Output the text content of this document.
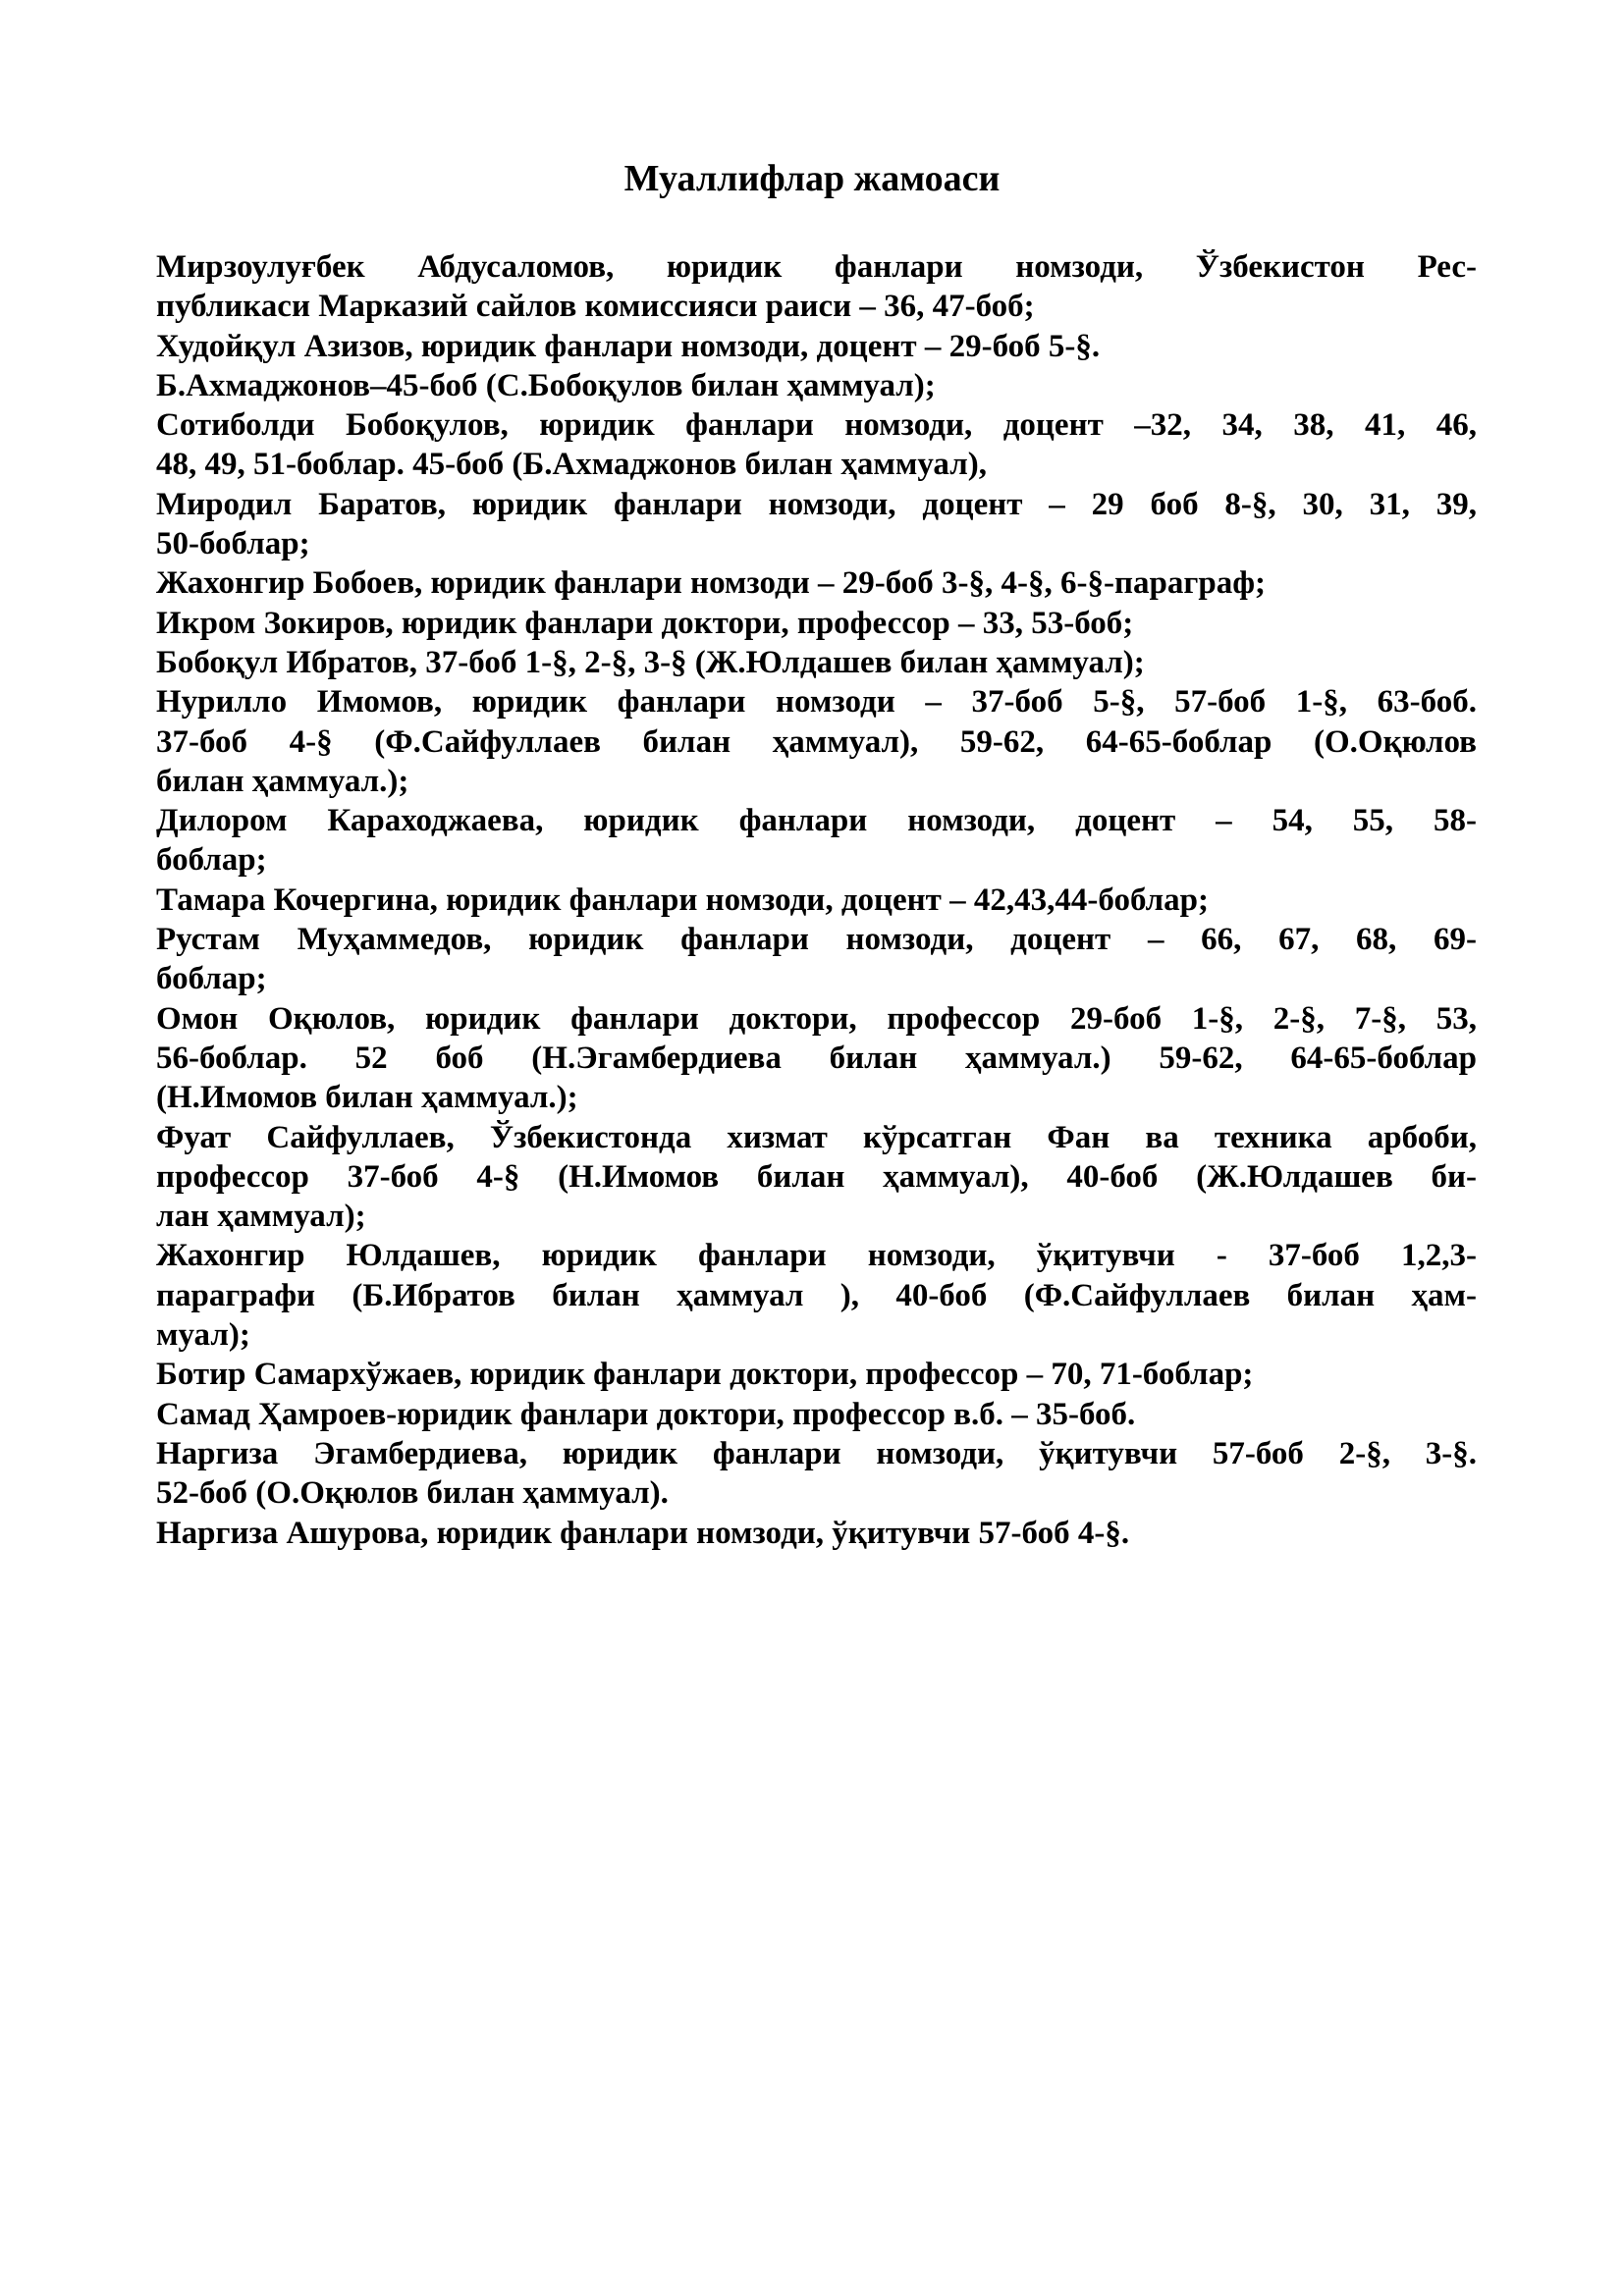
Муаллифлар жамоаси
Мирзоулуғбек Абдусаломов, юридик фанлари номзоди, Ўзбекистон Рес-
публикаси Марказий сайлов комиссияси раиси – 36, 47-боб;
Худойқул Азизов, юридик фанлари номзоди, доцент – 29-боб 5-§.
Б.Ахмаджонов–45-боб (С.Бобоқулов билан ҳаммуал);
Сотиболди Бобоқулов, юридик фанлари номзоди, доцент –32, 34, 38, 41, 46,
48, 49, 51-боблар. 45-боб (Б.Ахмаджонов билан ҳаммуал),
Миродил Баратов, юридик фанлари номзоди, доцент – 29 боб 8-§, 30, 31, 39,
50-боблар;
Жахонгир Бобоев, юридик фанлари номзоди – 29-боб 3-§, 4-§, 6-§-параграф;
Икром Зокиров, юридик фанлари доктори, профессор – 33, 53-боб;
Бобоқул Ибратов, 37-боб 1-§, 2-§, 3-§ (Ж.Юлдашев билан ҳаммуал);
Нурилло Имомов, юридик фанлари номзоди – 37-боб 5-§, 57-боб 1-§, 63-боб.
37-боб 4-§ (Ф.Сайфуллаев билан ҳаммуал), 59-62, 64-65-боблар (О.Оқюлов
билан ҳаммуал.);
Дилором Караходжаева, юридик фанлари номзоди, доцент – 54, 55, 58-
боблар;
Тамара Кочергина, юридик фанлари номзоди, доцент – 42,43,44-боблар;
Рустам Муҳаммедов, юридик фанлари номзоди, доцент – 66, 67, 68, 69-
боблар;
Омон Оқюлов, юридик фанлари доктори, профессор 29-боб 1-§, 2-§, 7-§, 53,
56-боблар. 52 боб (Н.Эгамбердиева билан ҳаммуал.) 59-62, 64-65-боблар
(Н.Имомов билан ҳаммуал.);
Фуат Сайфуллаев, Ўзбекистонда хизмат кўрсатган Фан ва техника арбоби,
профессор 37-боб 4-§ (Н.Имомов билан ҳаммуал), 40-боб (Ж.Юлдашев би-
лан ҳаммуал);
Жахонгир Юлдашев, юридик фанлари номзоди, ўқитувчи - 37-боб 1,2,3-
параграфи (Б.Ибратов билан ҳаммуал ), 40-боб (Ф.Сайфуллаев билан ҳам-
муал);
Ботир Самархўжаев, юридик фанлари доктори, профессор – 70, 71-боблар;
Самад Ҳамроев-юридик фанлари доктори, профессор в.б. – 35-боб.
Наргиза Эгамбердиева, юридик фанлари номзоди, ўқитувчи 57-боб 2-§, 3-§.
52-боб (О.Оқюлов билан ҳаммуал).
Наргиза Ашурова, юридик фанлари номзоди, ўқитувчи 57-боб 4-§.
